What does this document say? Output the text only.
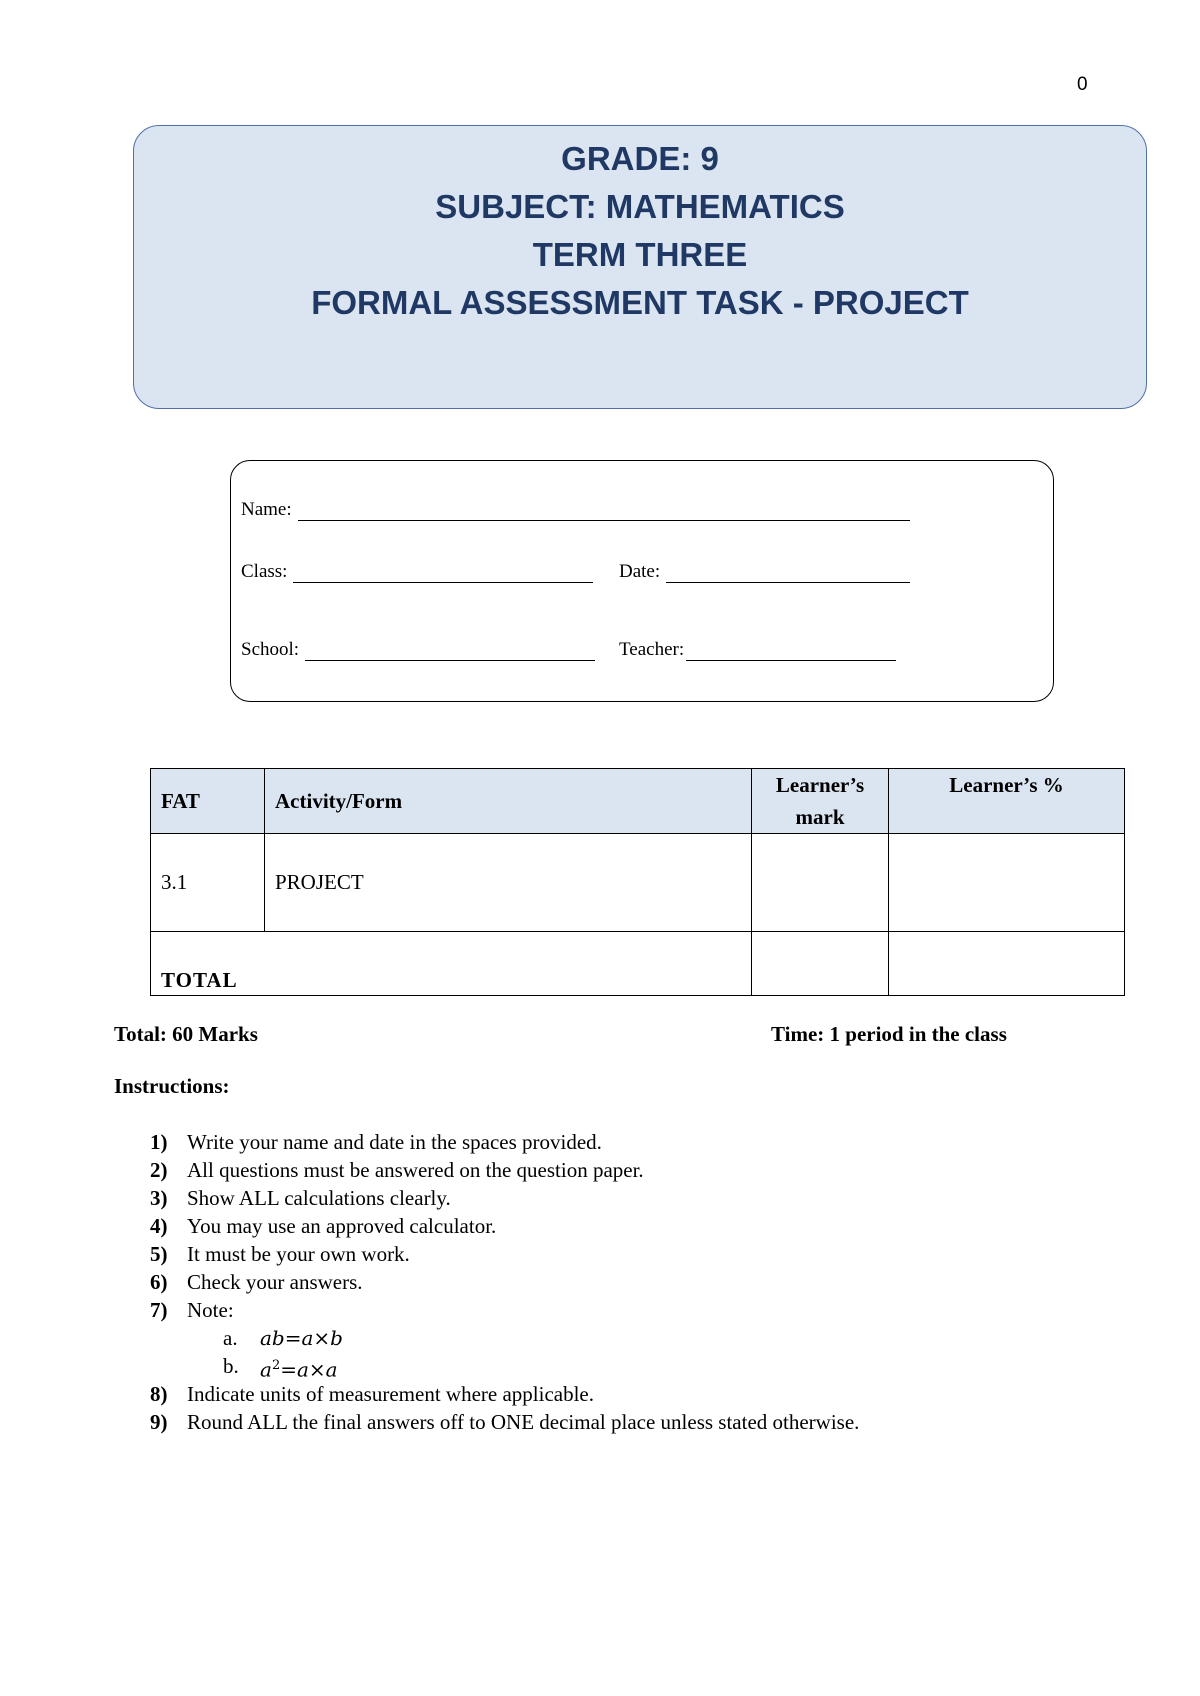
0
GRADE: 9
SUBJECT: MATHEMATICS
TERM THREE
FORMAL ASSESSMENT TASK - PROJECT
Name:
Class:	Date:
School:	Teacher:
FAT	Activity/Form	Learner’s mark	Learner’s %
3.1	PROJECT		
TOTAL			
Total: 60 Marks	Time: 1 period in the class
Instructions:
1) Write your name and date in the spaces provided.
2) All questions must be answered on the question paper.
3) Show ALL calculations clearly.
4) You may use an approved calculator.
5) It must be your own work.
6) Check your answers.
7) Note:
a.	ab=a×b
b.	$a^2=a\times a$
8) Indicate units of measurement where applicable.
9) Round ALL the final answers off to ONE decimal place unless stated otherwise.
